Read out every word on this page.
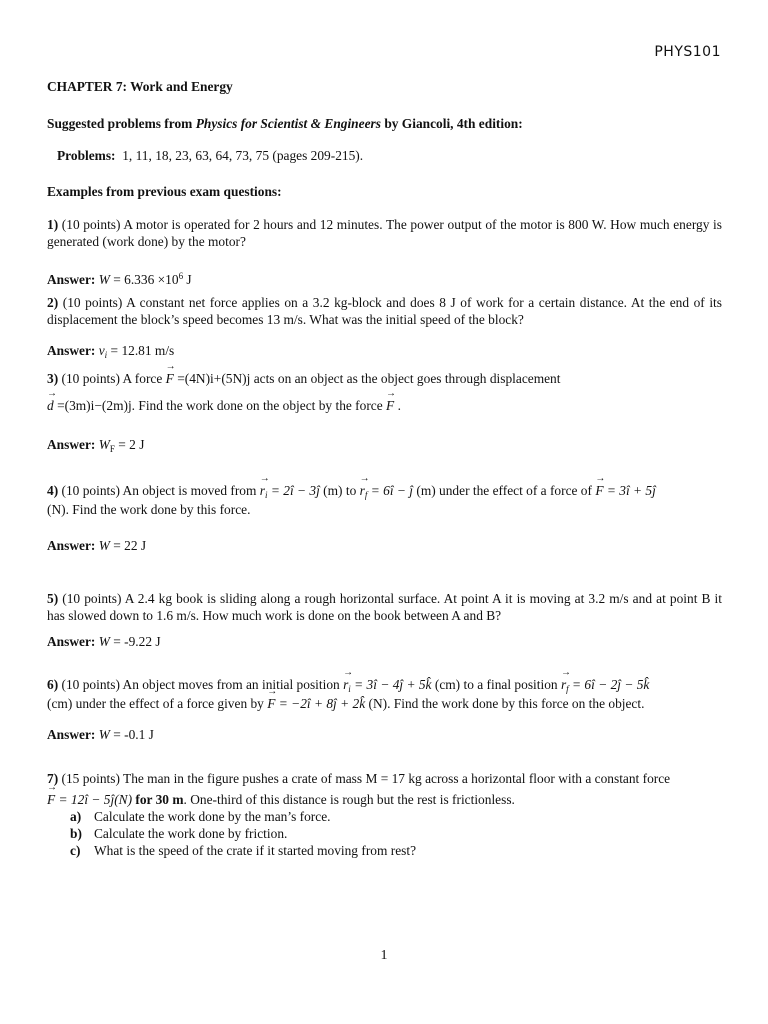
PHYS101
CHAPTER 7: Work and Energy
Suggested problems from Physics for Scientist & Engineers by Giancoli, 4th edition:
Problems: 1, 11, 18, 23, 63, 64, 73, 75 (pages 209-215).
Examples from previous exam questions:
1) (10 points) A motor is operated for 2 hours and 12 minutes. The power output of the motor is 800 W. How much energy is generated (work done) by the motor?
Answer: $W = 6.336 \times 10^6$ J
2) (10 points) A constant net force applies on a 3.2 kg-block and does 8 J of work for a certain distance. At the end of its displacement the block’s speed becomes 13 m/s. What was the initial speed of the block?
Answer: $v_i = 12.81$ m/s
3) (10 points) A force → F =(4N)i+(5N)j acts on an object as the object goes through displacement
→ d =(3m)i−(2m)j. Find the work done on the object by the force → F .
Answer: $W_F = 2$ J
4) (10 points) An object is moved from → $r_i$ = 2î − 3ĵ (m) to → $r_f$ = 6î − ĵ (m) under the effect of a force of → F = 3î + 5ĵ
(N). Find the work done by this force.
Answer: W = 22 J
5) (10 points) A 2.4 kg book is sliding along a rough horizontal surface. At point A it is moving at 3.2 m/s and at point B it has slowed down to 1.6 m/s. How much work is done on the book between A and B?
Answer: W = -9.22 J
6) (10 points) An object moves from an initial position → $r_i$ = 3î − 4ĵ + 5k̂ (cm) to a final position → $r_f$ = 6î − 2ĵ − 5k̂
(cm) under the effect of a force given by → F = −2î + 8ĵ + 2k̂ (N). Find the work done by this force on the object.
Answer: W = -0.1 J
7) (15 points) The man in the figure pushes a crate of mass M = 17 kg across a horizontal floor with a constant force
→ F = 12î − 5ĵ(N) for 30 m. One-third of this distance is rough but the rest is frictionless.
a) Calculate the work done by the man’s force.
b) Calculate the work done by friction.
c)	What is the speed of the crate if it started moving from rest?
1
